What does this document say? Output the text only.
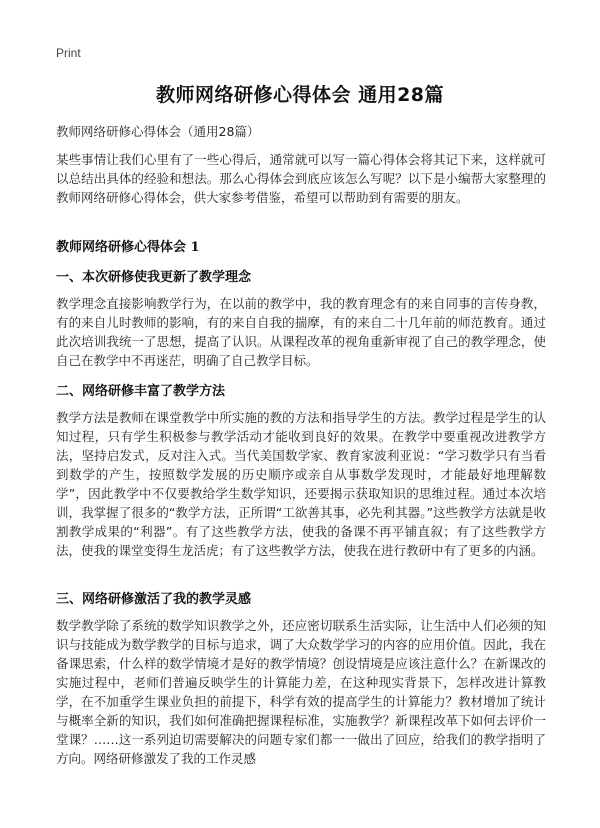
Print
教师网络研修心得体会 通用28篇
教师网络研修心得体会（通用28篇）
某些事情让我们心里有了一些心得后，通常就可以写一篇心得体会将其记下来，这样就可以总结出具体的经验和想法。那么心得体会到底应该怎么写呢？以下是小编帮大家整理的教师网络研修心得体会，供大家参考借鉴，希望可以帮助到有需要的朋友。
教师网络研修心得体会 1
一、本次研修使我更新了教学理念
教学理念直接影响教学行为，在以前的教学中，我的教育理念有的来自同事的言传身教，有的来自儿时教师的影响，有的来自自我的揣摩，有的来自二十几年前的师范教育。通过此次培训我统一了思想，提高了认识。从课程改革的视角重新审视了自己的教学理念，使自己在教学中不再迷茫，明确了自己教学目标。
二、网络研修丰富了教学方法
教学方法是教师在课堂教学中所实施的教的方法和指导学生的方法。教学过程是学生的认知过程，只有学生积极参与教学活动才能收到良好的效果。在教学中要重视改进教学方法，坚持启发式，反对注入式。当代美国数学家、教育家波利亚说：“学习数学只有当看到数学的产生，按照数学发展的历史顺序或亲自从事数学发现时，才能最好地理解数学”，因此教学中不仅要教给学生数学知识，还要揭示获取知识的思维过程。通过本次培训，我掌握了很多的“教学方法，正所谓“工欲善其事，必先利其器。”这些教学方法就是收割教学成果的“利器”。有了这些教学方法，使我的备课不再平铺直叙；有了这些教学方法，使我的课堂变得生龙活虎；有了这些教学方法，使我在进行教研中有了更多的内涵。
三、网络研修激活了我的教学灵感
数学教学除了系统的数学知识教学之外，还应密切联系生活实际，让生活中人们必须的知识与技能成为数学教学的目标与追求，调了大众数学学习的内容的应用价值。因此，我在备课思索，什么样的数学情境才是好的教学情境？创设情境是应该注意什么？在新课改的实施过程中，老师们普遍反映学生的计算能力差，在这种现实背景下，怎样改进计算教学，在不加重学生课业负担的前提下，科学有效的提高学生的计算能力？教材增加了统计与概率全新的知识，我们如何准确把握课程标准，实施教学？新课程改革下如何去评价一堂课？……这一系列迫切需要解决的问题专家们都一一做出了回应，给我们的教学指明了方向。网络研修激发了我的工作灵感
